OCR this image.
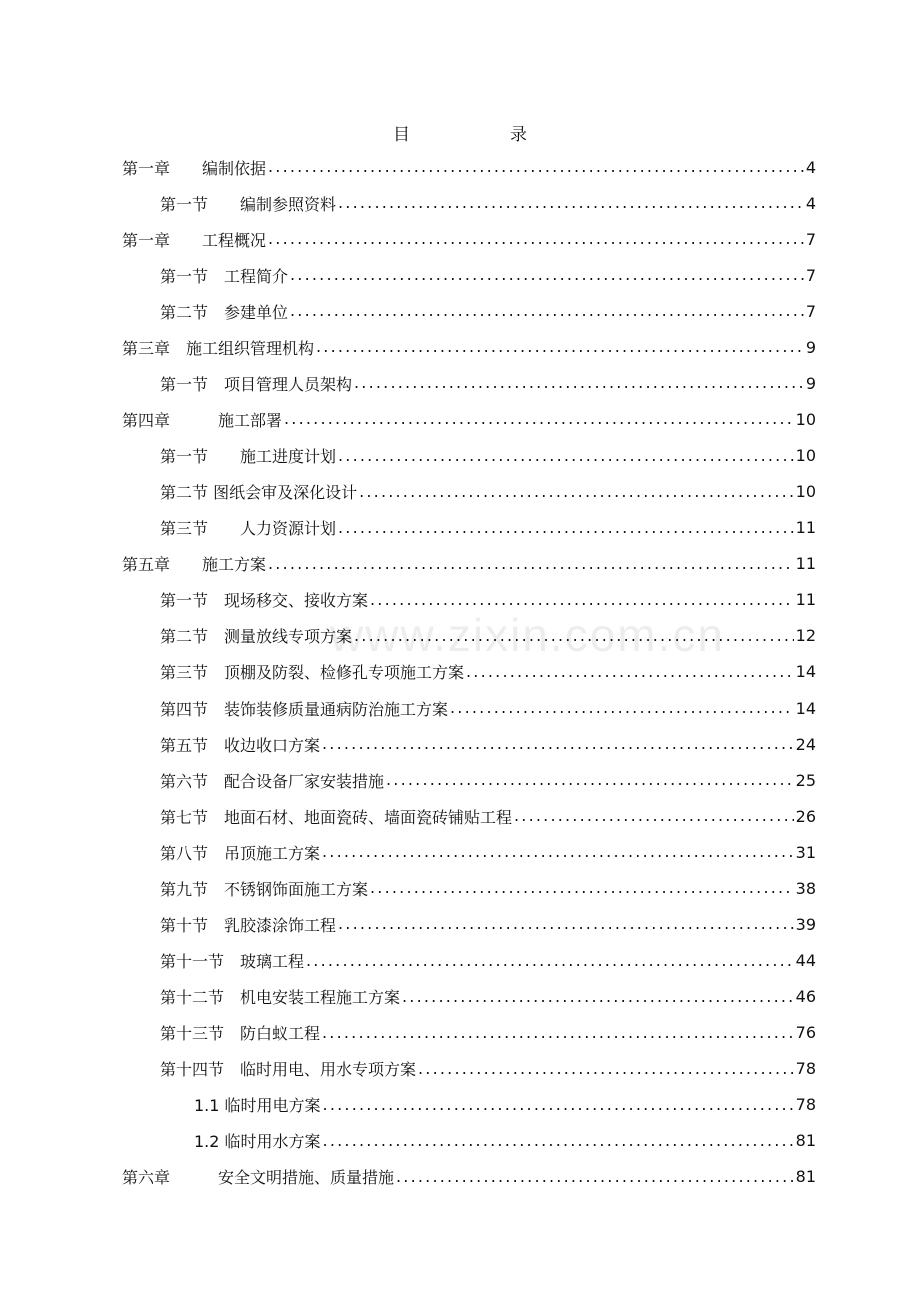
目	录
www.zixin.com.cn
第一章　　编制依据 .....	4
第一节　　编制参照资料 .....	4
第一章　　工程概况 .....	7
第一节　工程简介 .....	7
第二节　参建单位 .....	7
第三章　施工组织管理机构 .....	9
第一节　项目管理人员架构 .....	9
第四章　　　施工部署 .....	10
第一节　　施工进度计划 .....	10
第二节 图纸会审及深化设计 .....	10
第三节　　人力资源计划 .....	11
第五章　　施工方案 .....	11
第一节　现场移交、接收方案 .....	11
第二节　测量放线专项方案 .....	12
第三节　顶棚及防裂、检修孔专项施工方案 .....	14
第四节　装饰装修质量通病防治施工方案 .....	14
第五节　收边收口方案 .....	24
第六节　配合设备厂家安装措施 .....	25
第七节　地面石材、地面瓷砖、墙面瓷砖铺贴工程 .....	26
第八节　吊顶施工方案 .....	31
第九节　不锈钢饰面施工方案 .....	38
第十节　乳胶漆涂饰工程 .....	39
第十一节　玻璃工程 .....	44
第十二节　机电安装工程施工方案 .....	46
第十三节　防白蚁工程 .....	76
第十四节　临时用电、用水专项方案 .....	78
1.1 临时用电方案 .....	78
1.2 临时用水方案 .....	81
第六章　　　安全文明措施、质量措施 .....	81
